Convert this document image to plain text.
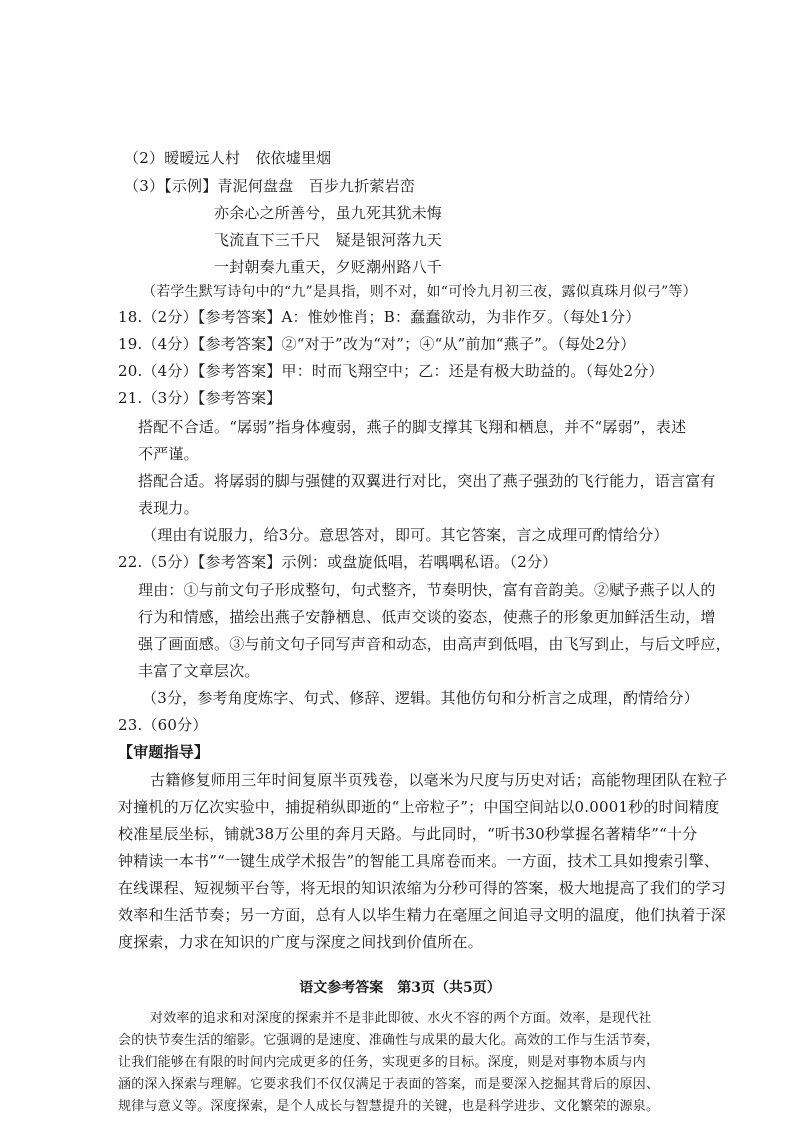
（2）暧暧远人村　依依墟里烟
（3）【示例】青泥何盘盘　百步九折萦岩峦
亦余心之所善兮，虽九死其犹未悔
飞流直下三千尺　疑是银河落九天
一封朝奏九重天，夕贬潮州路八千
（若学生默写诗句中的“九”是具指，则不对，如“可怜九月初三夜，露似真珠月似弓”等）
18.（2分）【参考答案】A：惟妙惟肖；B：蠢蠢欲动，为非作歹。（每处1分）
19.（4分）【参考答案】②“对于”改为“对”；④“从”前加“燕子”。（每处2分）
20.（4分）【参考答案】甲：时而飞翔空中；乙：还是有极大助益的。（每处2分）
21.（3分）【参考答案】
搭配不合适。“孱弱”指身体瘦弱，燕子的脚支撑其飞翔和栖息，并不“孱弱”，表述
不严谨。
搭配合适。将孱弱的脚与强健的双翼进行对比，突出了燕子强劲的飞行能力，语言富有
表现力。
（理由有说服力，给3分。意思答对，即可。其它答案，言之成理可酌情给分）
22.（5分）【参考答案】示例：或盘旋低唱，若喁喁私语。（2分）
理由：①与前文句子形成整句，句式整齐，节奏明快，富有音韵美。②赋予燕子以人的
行为和情感，描绘出燕子安静栖息、低声交谈的姿态，使燕子的形象更加鲜活生动，增
强了画面感。③与前文句子同写声音和动态，由高声到低唱，由飞写到止，与后文呼应，
丰富了文章层次。
（3分，参考角度炼字、句式、修辞、逻辑。其他仿句和分析言之成理，酌情给分）
23.（60分）
【审题指导】
古籍修复师用三年时间复原半页残卷，以毫米为尺度与历史对话；高能物理团队在粒子
对撞机的万亿次实验中，捕捉稍纵即逝的“上帝粒子”；中国空间站以0.0001秒的时间精度
校准星辰坐标，铺就38万公里的奔月天路。与此同时，“听书30秒掌握名著精华”“十分
钟精读一本书”“一键生成学术报告”的智能工具席卷而来。一方面，技术工具如搜索引擎、
在线课程、短视频平台等，将无垠的知识浓缩为分秒可得的答案，极大地提高了我们的学习
效率和生活节奏；另一方面，总有人以毕生精力在毫厘之间追寻文明的温度，他们执着于深
度探索，力求在知识的广度与深度之间找到价值所在。
语文参考答案　第3页（共5页）
对效率的追求和对深度的探索并不是非此即彼、水火不容的两个方面。效率，是现代社
会的快节奏生活的缩影。它强调的是速度、准确性与成果的最大化。高效的工作与生活节奏，
让我们能够在有限的时间内完成更多的任务，实现更多的目标。深度，则是对事物本质与内
涵的深入探索与理解。它要求我们不仅仅满足于表面的答案，而是要深入挖掘其背后的原因、
规律与意义等。深度探索，是个人成长与智慧提升的关键，也是科学进步、文化繁荣的源泉。
